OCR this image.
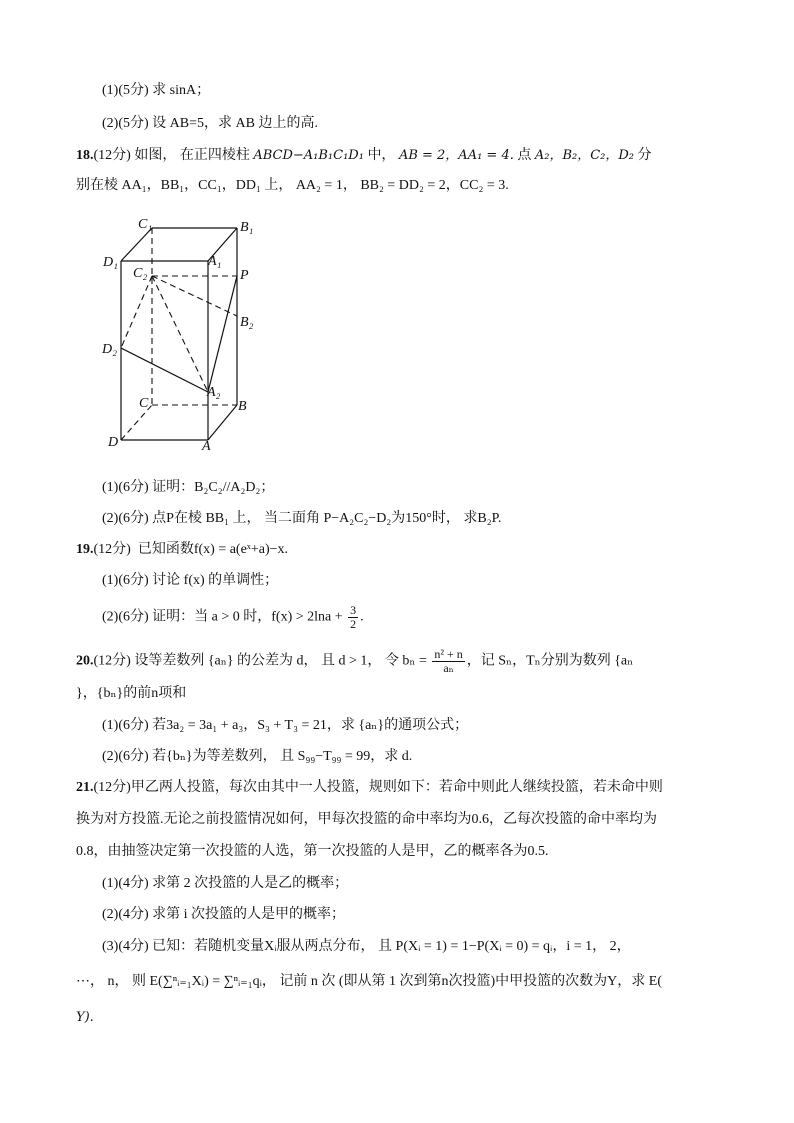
(1)(5分) 求 sinA；
(2)(5分) 设 AB=5，求 AB 边上的高.
18.(12分) 如图， 在正四棱柱 ABCD−A₁B₁C₁D₁ 中， AB = 2，AA₁ = 4. 点 A₂，B₂，C₂，D₂ 分
别在棱 AA₁，BB₁，CC₁，DD₁ 上， AA₂ = 1， BB₂ = DD₂ = 2，CC₂ = 3.
C₁	B₁
D₁	A₁
C₂	P
B₂
D₂
A₂
C	B
D	A
(1)(6分) 证明：B₂C₂//A₂D₂；
(2)(6分) 点P在棱 BB₁ 上， 当二面角 P−A₂C₂−D₂为150°时， 求B₂P.
19.(12分) 已知函数f(x) = a(eˣ+a)−x.
(1)(6分) 讨论 f(x) 的单调性；
(2)(6分) 证明：当 a > 0 时，$f(x) > 2\ln a + \frac{3}{2}$ .
20.(12分) 设等差数列 {aₙ} 的公差为 d， 且 d > 1， 令 $b_n = \frac{\text{n² + n}}{\text{aₙ}}$ ，记 Sₙ，Tₙ分别为数列 {aₙ
}，{bₙ}的前n项和
(1)(6分) 若3a₂ = 3a₁ + a₃，S₃ + T₃ = 21，求 {aₙ}的通项公式；
(2)(6分) 若{bₙ}为等差数列， 且 S₉₉−T₉₉ = 99，求 d.
21.(12分)甲乙两人投篮，每次由其中一人投篮，规则如下：若命中则此人继续投篮，若未命中则
换为对方投篮.无论之前投篮情况如何，甲每次投篮的命中率均为0.6，乙每次投篮的命中率均为
0.8，由抽签决定第一次投篮的人选，第一次投篮的人是甲，乙的概率各为0.5.
(1)(4分) 求第 2 次投篮的人是乙的概率；
(2)(4分) 求第 i 次投篮的人是甲的概率；
(3)(4分) 已知：若随机变量Xᵢ服从两点分布， 且 P(Xᵢ = 1) = 1−P(Xᵢ = 0) = qᵢ，i = 1， 2，
⋯， n， 则 E(∑ⁿᵢ₌₁Xᵢ) = ∑ⁿᵢ₌₁qᵢ， 记前 n 次 (即从第 1 次到第n次投篮)中甲投篮的次数为Y，求 E(
Y).
